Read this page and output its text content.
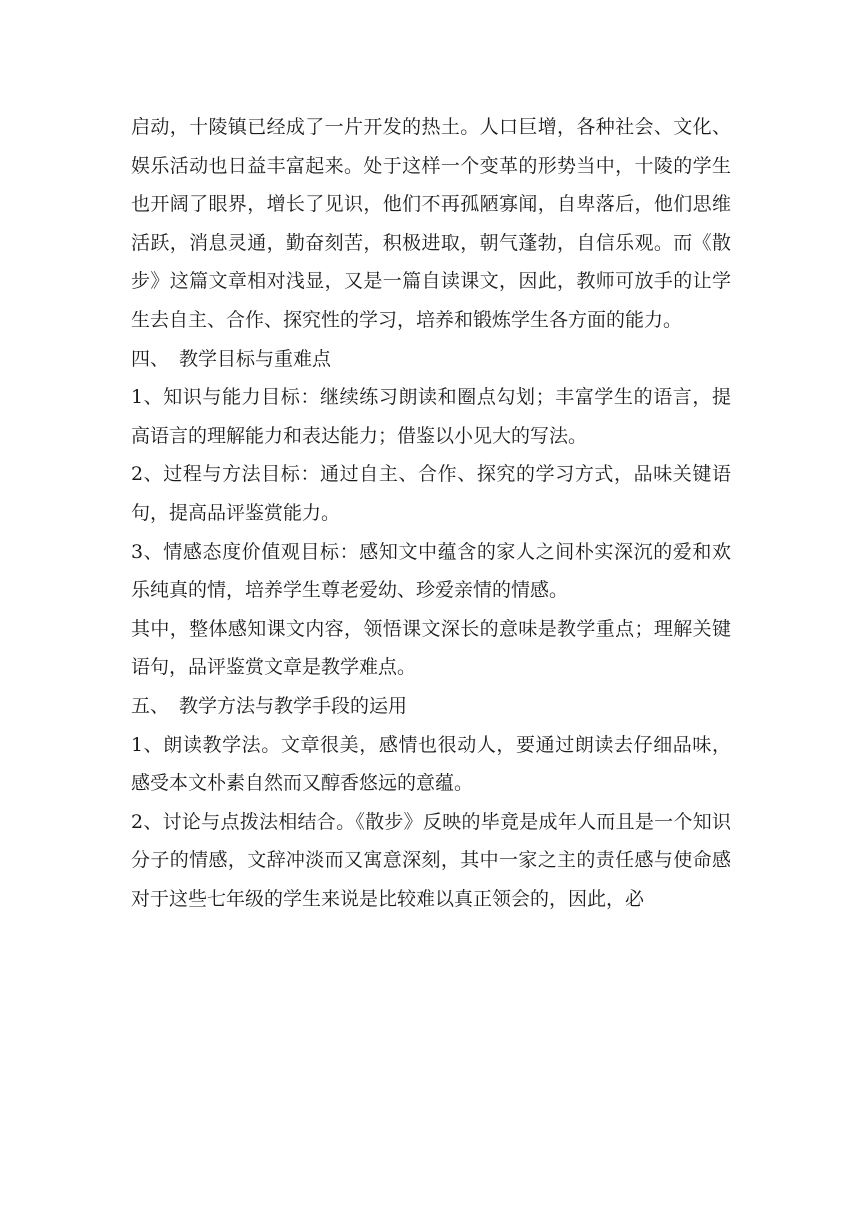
启动，十陵镇已经成了一片开发的热土。人口巨增，各种社会、文化、娱乐活动也日益丰富起来。处于这样一个变革的形势当中，十陵的学生也开阔了眼界，增长了见识，他们不再孤陋寡闻，自卑落后，他们思维活跃，消息灵通，勤奋刻苦，积极进取，朝气蓬勃，自信乐观。而《散步》这篇文章相对浅显，又是一篇自读课文，因此，教师可放手的让学生去自主、合作、探究性的学习，培养和锻炼学生各方面的能力。

四、 教学目标与重难点

1、知识与能力目标：继续练习朗读和圈点勾划；丰富学生的语言，提高语言的理解能力和表达能力；借鉴以小见大的写法。

2、过程与方法目标：通过自主、合作、探究的学习方式，品味关键语句，提高品评鉴赏能力。

3、情感态度价值观目标：感知文中蕴含的家人之间朴实深沉的爱和欢乐纯真的情，培养学生尊老爱幼、珍爱亲情的情感。

其中，整体感知课文内容，领悟课文深长的意味是教学重点；理解关键语句，品评鉴赏文章是教学难点。

五、 教学方法与教学手段的运用

1、朗读教学法。文章很美，感情也很动人，要通过朗读去仔细品味，感受本文朴素自然而又醇香悠远的意蕴。

2、讨论与点拨法相结合。《散步》反映的毕竟是成年人而且是一个知识分子的情感，文辞冲淡而又寓意深刻，其中一家之主的责任感与使命感对于这些七年级的学生来说是比较难以真正领会的，因此，必
